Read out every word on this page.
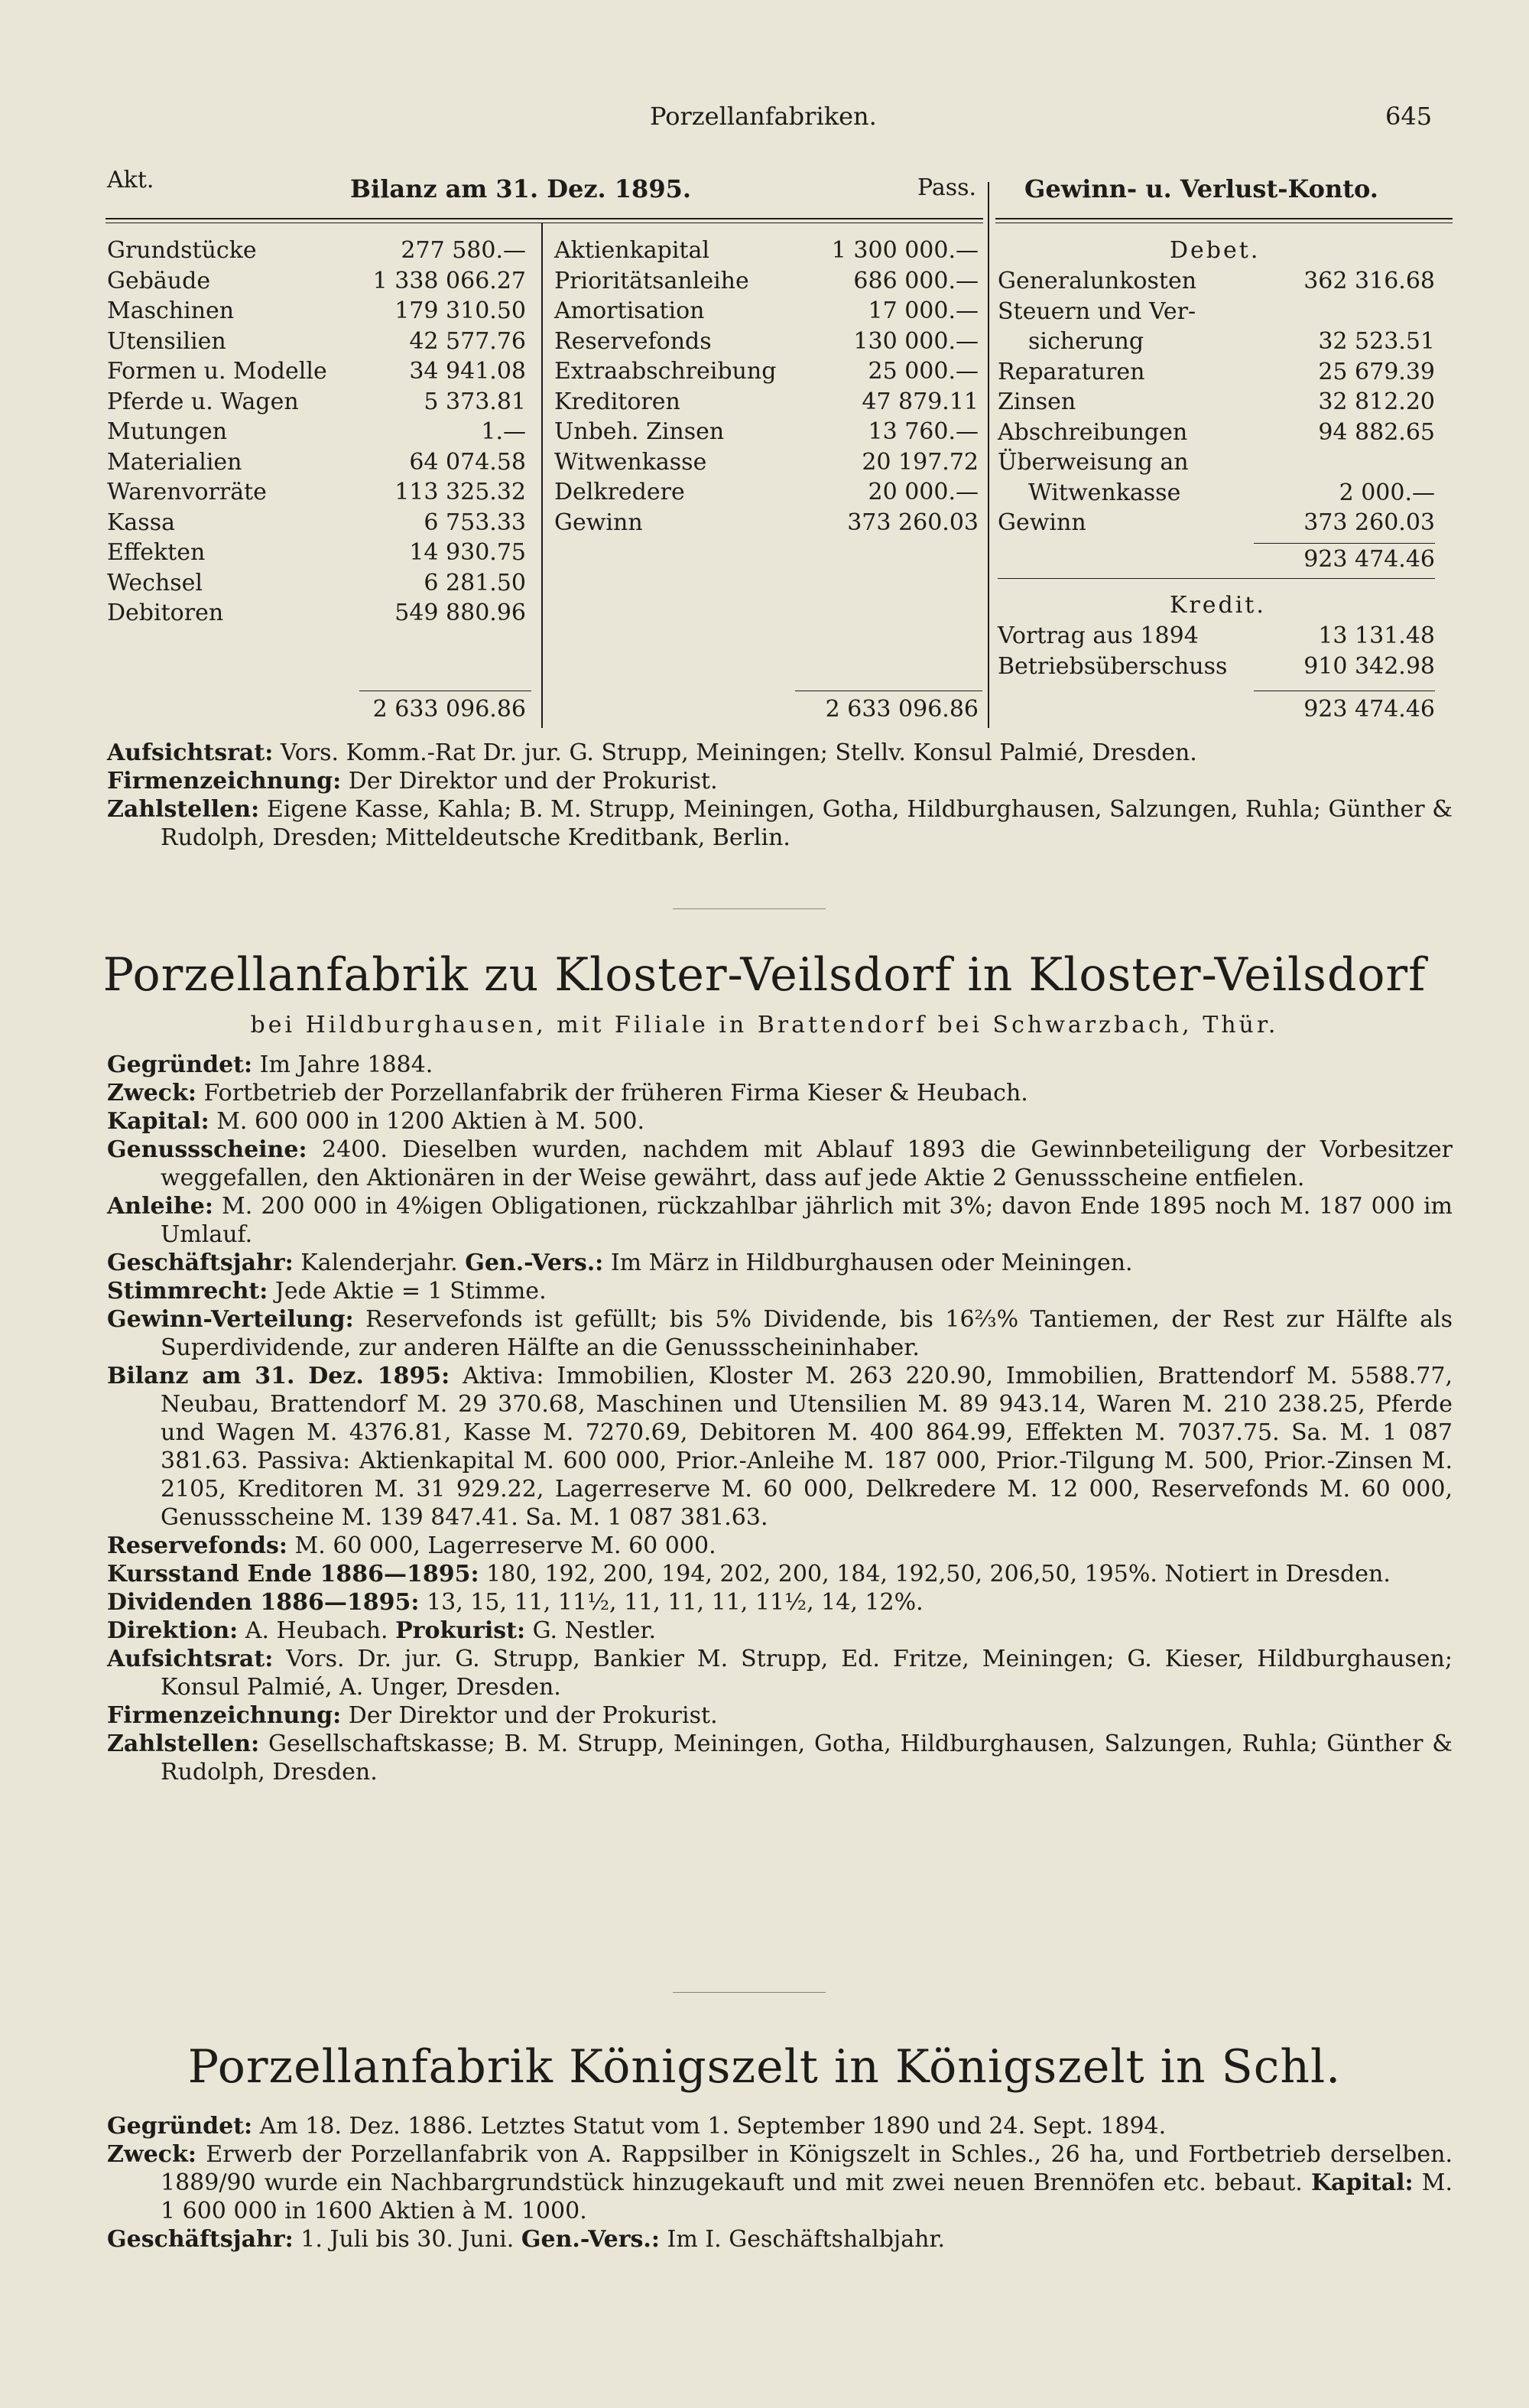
Porzellanfabriken.	645
Akt.	Bilanz am 31. Dez. 1895.	Pass. Gewinn- u. Verlust-Konto.
Grundstücke	277 580.—
Gebäude	1 338 066.27
Maschinen	179 310.50
Utensilien	42 577.76
Formen u. Modelle	34 941.08
Pferde u. Wagen	5 373.81
Mutungen	1.—
Materialien	64 074.58
Warenvorräte	113 325.32
Kassa	6 753.33
Effekten	14 930.75
Wechsel	6 281.50
Debitoren	549 880.96
2 633 096.86
Aktienkapital	1 300 000.—
Prioritätsanleihe	686 000.—
Amortisation	17 000.—
Reservefonds	130 000.—
Extraabschreibung	25 000.—
Kreditoren	47 879.11
Unbeh. Zinsen	13 760.—
Witwenkasse	20 197.72
Delkredere	20 000.—
Gewinn	373 260.03
2 633 096.86
Debet.
Generalunkosten	362 316.68
Steuern und Ver-
sicherung	32 523.51
Reparaturen	25 679.39
Zinsen	32 812.20
Abschreibungen	94 882.65
Überweisung an
Witwenkasse	2 000.—
Gewinn	373 260.03
923 474.46
Kredit.
Vortrag aus 1894	13 131.48
Betriebsüberschuss	910 342.98
923 474.46

Aufsichtsrat: Vors. Komm.-Rat Dr. jur. G. Strupp, Meiningen; Stellv. Konsul Palmié, Dresden.

Firmenzeichnung: Der Direktor und der Prokurist.

Zahlstellen: Eigene Kasse, Kahla; B. M. Strupp, Meiningen, Gotha, Hildburghausen, Salzungen, Ruhla; Günther & Rudolph, Dresden; Mitteldeutsche Kreditbank, Berlin.

Porzellanfabrik zu Kloster-Veilsdorf in Kloster-Veilsdorf
bei Hildburghausen, mit Filiale in Brattendorf bei Schwarzbach, Thür.

Gegründet: Im Jahre 1884.

Zweck: Fortbetrieb der Porzellanfabrik der früheren Firma Kieser & Heubach.

Kapital: M. 600 000 in 1200 Aktien à M. 500.

Genussscheine: 2400. Dieselben wurden, nachdem mit Ablauf 1893 die Gewinnbeteiligung der Vorbesitzer weggefallen, den Aktionären in der Weise gewährt, dass auf jede Aktie 2 Genussscheine entfielen.

Anleihe: M. 200 000 in 4%igen Obligationen, rückzahlbar jährlich mit 3%; davon Ende 1895 noch M. 187 000 im Umlauf.

Geschäftsjahr: Kalenderjahr. Gen.-Vers.: Im März in Hildburghausen oder Meiningen.

Stimmrecht: Jede Aktie = 1 Stimme.

Gewinn-Verteilung: Reservefonds ist gefüllt; bis 5% Dividende, bis 16⅔% Tantiemen, der Rest zur Hälfte als Superdividende, zur anderen Hälfte an die Genussscheininhaber.

Bilanz am 31. Dez. 1895: Aktiva: Immobilien, Kloster M. 263 220.90, Immobilien, Brattendorf M. 5588.77, Neubau, Brattendorf M. 29 370.68, Maschinen und Utensilien M. 89 943.14, Waren M. 210 238.25, Pferde und Wagen M. 4376.81, Kasse M. 7270.69, Debitoren M. 400 864.99, Effekten M. 7037.75. Sa. M. 1 087 381.63. Passiva: Aktienkapital M. 600 000, Prior.-Anleihe M. 187 000, Prior.-Tilgung M. 500, Prior.-Zinsen M. 2105, Kreditoren M. 31 929.22, Lagerreserve M. 60 000, Delkredere M. 12 000, Reservefonds M. 60 000, Genussscheine M. 139 847.41. Sa. M. 1 087 381.63.

Reservefonds: M. 60 000, Lagerreserve M. 60 000.

Kursstand Ende 1886—1895: 180, 192, 200, 194, 202, 200, 184, 192,50, 206,50, 195%. Notiert in Dresden.

Dividenden 1886—1895: 13, 15, 11, 11½, 11, 11, 11, 11½, 14, 12%.

Direktion: A. Heubach. Prokurist: G. Nestler.

Aufsichtsrat: Vors. Dr. jur. G. Strupp, Bankier M. Strupp, Ed. Fritze, Meiningen; G. Kieser, Hildburghausen; Konsul Palmié, A. Unger, Dresden.

Firmenzeichnung: Der Direktor und der Prokurist.

Zahlstellen: Gesellschaftskasse; B. M. Strupp, Meiningen, Gotha, Hildburghausen, Salzungen, Ruhla; Günther & Rudolph, Dresden.

Porzellanfabrik Königszelt in Königszelt in Schl.

Gegründet: Am 18. Dez. 1886. Letztes Statut vom 1. September 1890 und 24. Sept. 1894.

Zweck: Erwerb der Porzellanfabrik von A. Rappsilber in Königszelt in Schles., 26 ha, und Fortbetrieb derselben. 1889/90 wurde ein Nachbargrundstück hinzugekauft und mit zwei neuen Brennöfen etc. bebaut. Kapital: M. 1 600 000 in 1600 Aktien à M. 1000.

Geschäftsjahr: 1. Juli bis 30. Juni. Gen.-Vers.: Im I. Geschäftshalbjahr.
